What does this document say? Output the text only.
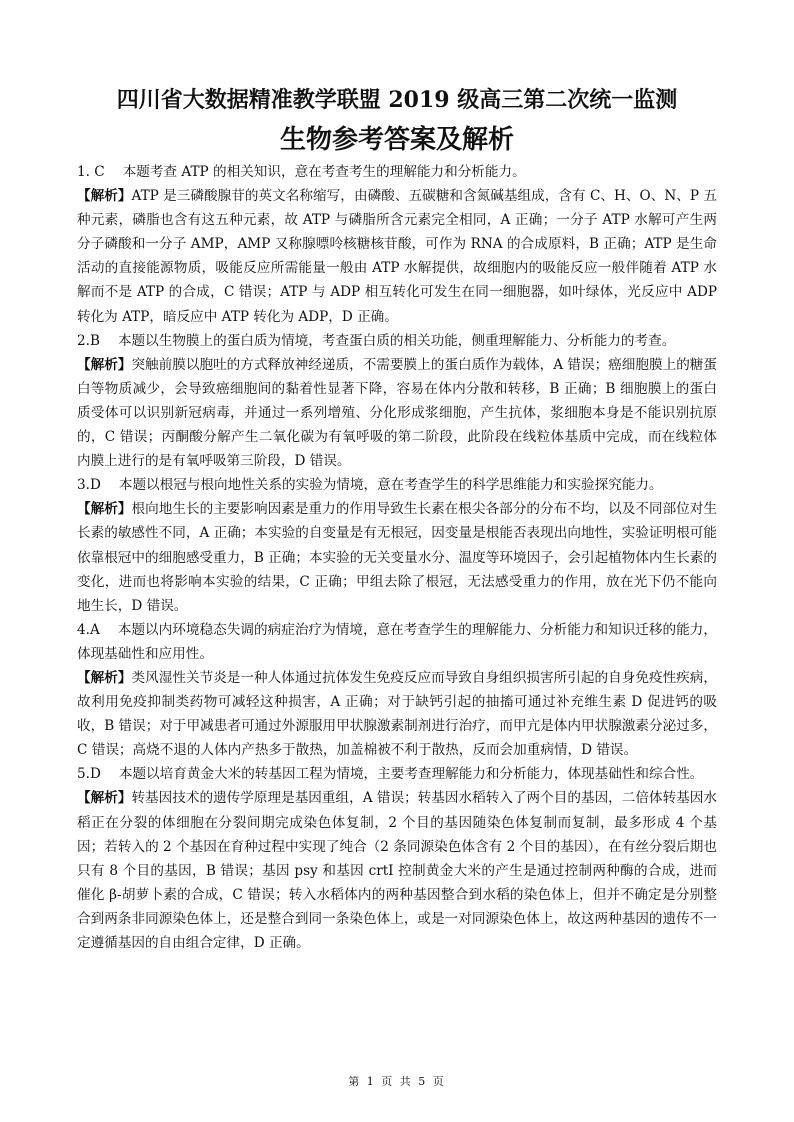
四川省大数据精准教学联盟 2019 级高三第二次统一监测
生物参考答案及解析

1. C 本题考查 ATP 的相关知识，意在考查考生的理解能力和分析能力。

【解析】ATP 是三磷酸腺苷的英文名称缩写，由磷酸、五碳糖和含氮碱基组成，含有 C、H、O、N、P 五种元素，磷脂也含有这五种元素，故 ATP 与磷脂所含元素完全相同，A 正确；一分子 ATP 水解可产生两分子磷酸和一分子 AMP，AMP 又称腺嘌呤核糖核苷酸，可作为 RNA 的合成原料，B 正确；ATP 是生命活动的直接能源物质，吸能反应所需能量一般由 ATP 水解提供，故细胞内的吸能反应一般伴随着 ATP 水解而不是 ATP 的合成，C 错误；ATP 与 ADP 相互转化可发生在同一细胞器，如叶绿体，光反应中 ADP 转化为 ATP，暗反应中 ATP 转化为 ADP，D 正确。

2.B 本题以生物膜上的蛋白质为情境，考查蛋白质的相关功能，侧重理解能力、分析能力的考查。

【解析】突触前膜以胞吐的方式释放神经递质，不需要膜上的蛋白质作为载体，A 错误；癌细胞膜上的糖蛋白等物质减少，会导致癌细胞间的黏着性显著下降，容易在体内分散和转移，B 正确；B 细胞膜上的蛋白质受体可以识别新冠病毒，并通过一系列增殖、分化形成浆细胞，产生抗体，浆细胞本身是不能识别抗原的，C 错误；丙酮酸分解产生二氧化碳为有氧呼吸的第二阶段，此阶段在线粒体基质中完成，而在线粒体内膜上进行的是有氧呼吸第三阶段，D 错误。

3.D 本题以根冠与根向地性关系的实验为情境，意在考查学生的科学思维能力和实验探究能力。

【解析】根向地生长的主要影响因素是重力的作用导致生长素在根尖各部分的分布不均，以及不同部位对生长素的敏感性不同，A 正确；本实验的自变量是有无根冠，因变量是根能否表现出向地性，实验证明根可能依靠根冠中的细胞感受重力，B 正确；本实验的无关变量水分、温度等环境因子，会引起植物体内生长素的变化，进而也将影响本实验的结果，C 正确；甲组去除了根冠，无法感受重力的作用，放在光下仍不能向地生长，D 错误。

4.A 本题以内环境稳态失调的病症治疗为情境，意在考查学生的理解能力、分析能力和知识迁移的能力，体现基础性和应用性。

【解析】类风湿性关节炎是一种人体通过抗体发生免疫反应而导致自身组织损害所引起的自身免疫性疾病，故利用免疫抑制类药物可减轻这种损害，A 正确；对于缺钙引起的抽搐可通过补充维生素 D 促进钙的吸收，B 错误；对于甲减患者可通过外源服用甲状腺激素制剂进行治疗，而甲亢是体内甲状腺激素分泌过多，C 错误；高烧不退的人体内产热多于散热，加盖棉被不利于散热，反而会加重病情，D 错误。

5.D 本题以培育黄金大米的转基因工程为情境，主要考查理解能力和分析能力，体现基础性和综合性。

【解析】转基因技术的遗传学原理是基因重组，A 错误；转基因水稻转入了两个目的基因，二倍体转基因水稻正在分裂的体细胞在分裂间期完成染色体复制，2 个目的基因随染色体复制而复制，最多形成 4 个基因；若转入的 2 个基因在育种过程中实现了纯合（2 条同源染色体含有 2 个目的基因），在有丝分裂后期也只有 8 个目的基因，B 错误；基因 psy 和基因 crtI 控制黄金大米的产生是通过控制两种酶的合成，进而催化 β-胡萝卜素的合成，C 错误；转入水稻体内的两种基因整合到水稻的染色体上，但并不确定是分别整合到两条非同源染色体上，还是整合到同一条染色体上，或是一对同源染色体上，故这两种基因的遗传不一定遵循基因的自由组合定律，D 正确。

第 1 页 共 5 页
